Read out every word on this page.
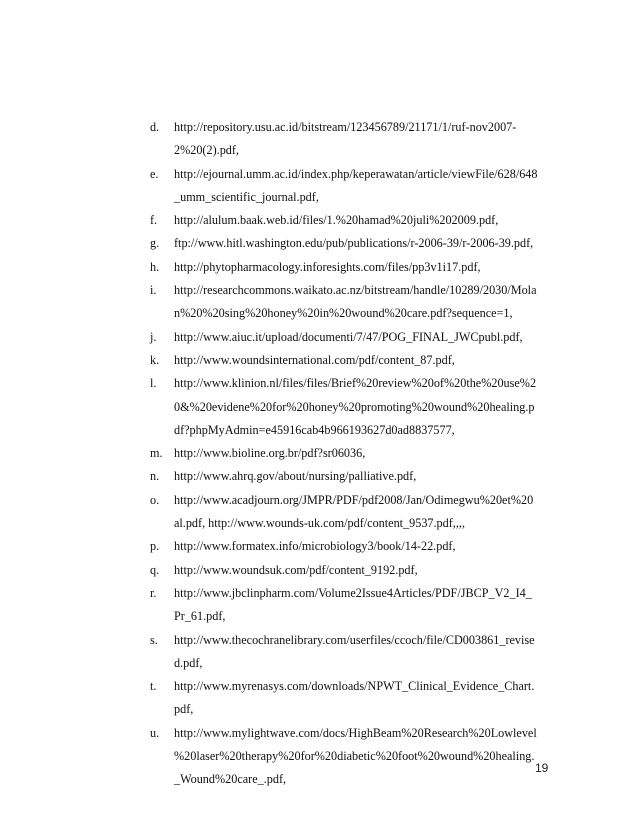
d.	http://repository.usu.ac.id/bitstream/123456789/21171/1/ruf-nov2007-
2%20(2).pdf,
e.	http://ejournal.umm.ac.id/index.php/keperawatan/article/viewFile/628/648
_umm_scientific_journal.pdf,
f.	http://alulum.baak.web.id/files/1.%20hamad%20juli%202009.pdf,
g.	ftp://www.hitl.washington.edu/pub/publications/r-2006-39/r-2006-39.pdf,
h.	http://phytopharmacology.inforesights.com/files/pp3v1i17.pdf,
i.	http://researchcommons.waikato.ac.nz/bitstream/handle/10289/2030/Mola
n%20%20sing%20honey%20in%20wound%20care.pdf?sequence=1,
j.	http://www.aiuc.it/upload/documenti/7/47/POG_FINAL_JWCpubl.pdf,
k.	http://www.woundsinternational.com/pdf/content_87.pdf,
l.	http://www.klinion.nl/files/files/Brief%20review%20of%20the%20use%2
0&%20evidene%20for%20honey%20promoting%20wound%20healing.p
df?phpMyAdmin=e45916cab4b966193627d0ad8837577,
m. http://www.bioline.org.br/pdf?sr06036,
n.	http://www.ahrq.gov/about/nursing/palliative.pdf,
o.	http://www.acadjourn.org/JMPR/PDF/pdf2008/Jan/Odimegwu%20et%20
al.pdf, http://www.wounds-uk.com/pdf/content_9537.pdf,,,,
p.	http://www.formatex.info/microbiology3/book/14-22.pdf,
q.	http://www.woundsuk.com/pdf/content_9192.pdf,
r.	http://www.jbclinpharm.com/Volume2Issue4Articles/PDF/JBCP_V2_I4_
Pr_61.pdf,
s.	http://www.thecochranelibrary.com/userfiles/ccoch/file/CD003861_revise
d.pdf,
t.	http://www.myrenasys.com/downloads/NPWT_Clinical_Evidence_Chart.
pdf,
u.	http://www.mylightwave.com/docs/HighBeam%20Research%20Lowlevel
%20laser%20therapy%20for%20diabetic%20foot%20wound%20healing.
_Wound%20care_.pdf,
19
